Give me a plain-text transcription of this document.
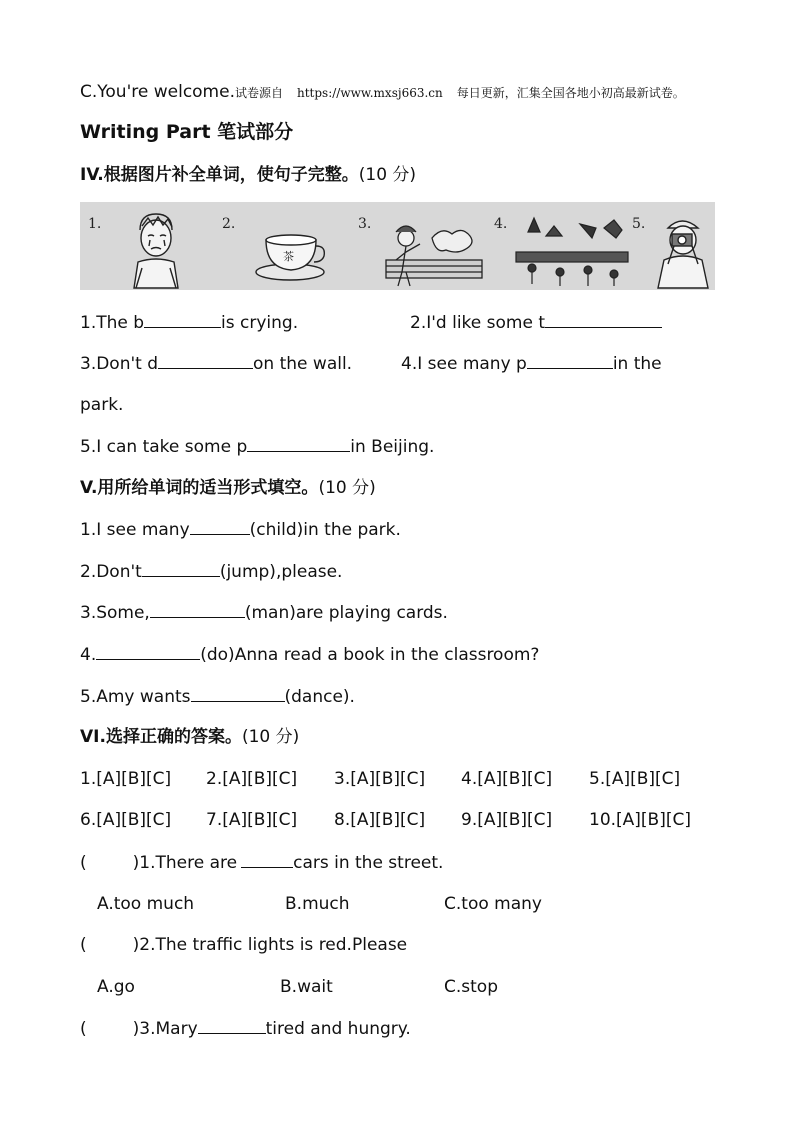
C.You're welcome.试卷源自 https://www.mxsj663.cn 每日更新，汇集全国各地小初高最新试卷。
Writing Part 笔试部分
IV.根据图片补全单词，使句子完整。(10 分)
1.	2.	3.	4.	5.
茶
1.The b	is crying.	2.I'd like some t
3.Don't d	on the wall.	4.I see many p	in the
park.
5.I can take some p	in Beijing.
V.用所给单词的适当形式填空。(10 分)
1.I see many	(child)in the park.
2.Don't	(jump),please.
3.Some,	(man)are playing cards.
4.	(do)Anna read a book in the classroom?
5.Amy wants	(dance).
VI.选择正确的答案。(10 分)
1.[A][B][C] 2.[A][B][C] 3.[A][B][C] 4.[A][B][C] 5.[A][B][C]
6.[A][B][C] 7.[A][B][C] 8.[A][B][C] 9.[A][B][C] 10.[A][B][C]
(	)1.There are	cars in the street.
A.too much	B.much	C.too many
(	)2.The traffic lights is red.Please
A.go	B.wait	C.stop
(	)3.Mary	tired and hungry.
